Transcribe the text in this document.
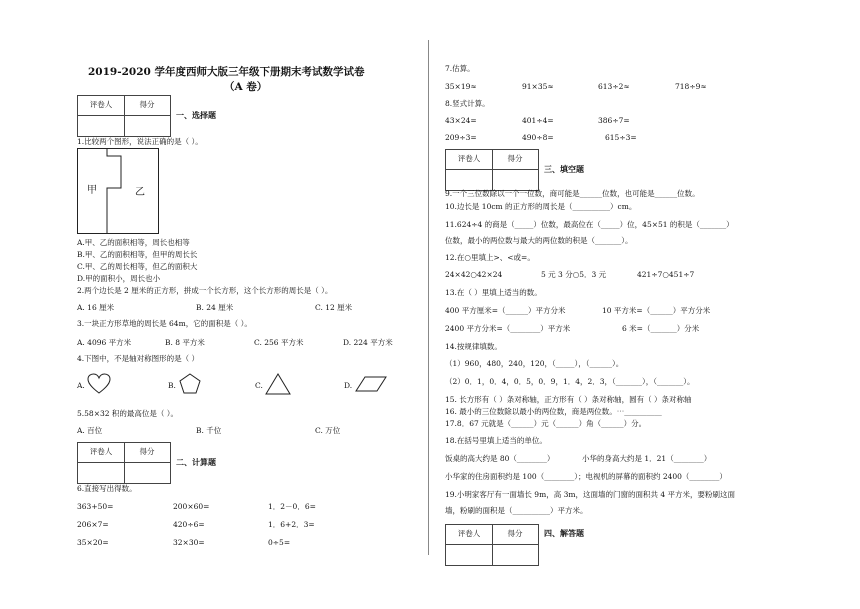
2019-2020 学年度西师大版三年级下册期末考试数学试卷
（A 卷）
评卷人	得分
一、选择题
1.比较两个图形，说法正确的是（ ）。
甲	乙
A.甲、乙的面积相等，周长也相等
B.甲、乙的面积相等，但甲的周长长
C.甲、乙的周长相等，但乙的面积大
D.甲的面积小，周长也小
2.两个边长是 2 厘米的正方形，拼成一个长方形，这个长方形的周长是（ ）。
A. 16 厘米	B. 24 厘米	C. 12 厘米
3.一块正方形草地的周长是 64m，它的面积是（ ）。
A. 4096 平方米	B. 8 平方米	C. 256 平方米	D. 224 平方米
4.下图中，不是轴对称图形的是（ ）
A.	B.	C.	D.
5.58×32 积的最高位是（ ）。
A. 百位	B. 千位	C. 万位
评卷人	得分
二、计算题
6.直接写出得数。
363+50=	200×60=	1．2－0．6=
206×7=	420÷6=	1．6+2．3=
35×20=	32×30=	0÷5=
7.估算。
35×19≈	91×35≈	613÷2≈	718÷9≈
8.竖式计算。
43×24=	401÷4=	386÷7=
209÷3=	490÷8=	615÷3=
评卷人	得分
三、填空题
9.一个三位数除以一个一位数，商可能是______位数，也可能是______位数。
10.边长是 10cm 的正方形的周长是（__________）cm。
11.624÷4 的商是（_____）位数，最高位在（_____）位，45×51 的积是（_______）
位数，最小的两位数与最大的两位数的积是（_______）。
12.在○里填上>、<或=。
24×42○42×24	5 元 3 分○5．3 元	421÷7○451÷7
13.在（ ）里填上适当的数。
400 平方厘米=（______）平方分米	10 平方米=（______）平方分米
2400 平方分米=（________）平方米	6 米=（_______）分米
14.按规律填数。
（1）960，480，240，120，（_____），（______）。
（2）0．1，0．4，0．5，0．9，1．4，2．3，（_______），（_______）。
15. 长方形有（ ）条对称轴，正方形有（ ）条对称轴，圆有（ ）条对称轴
16. 最小的三位数除以最小的两位数，商是两位数。⋯__________
17.8．67 元就是（______）元（______）角（______）分。
18.在括号里填上适当的单位。
饭桌的高大约是 80（________）	小华的身高大约是 1．21（________）
小华家的住房面积约是 100（________）；电视机的屏幕的面积约 2400（________）
19.小明家客厅有一面墙长 9m，高 3m，这面墙的门窗的面积共 4 平方米，要粉刷这面
墙，粉刷的面积是（__________）平方米。
评卷人	得分	四、解答题
